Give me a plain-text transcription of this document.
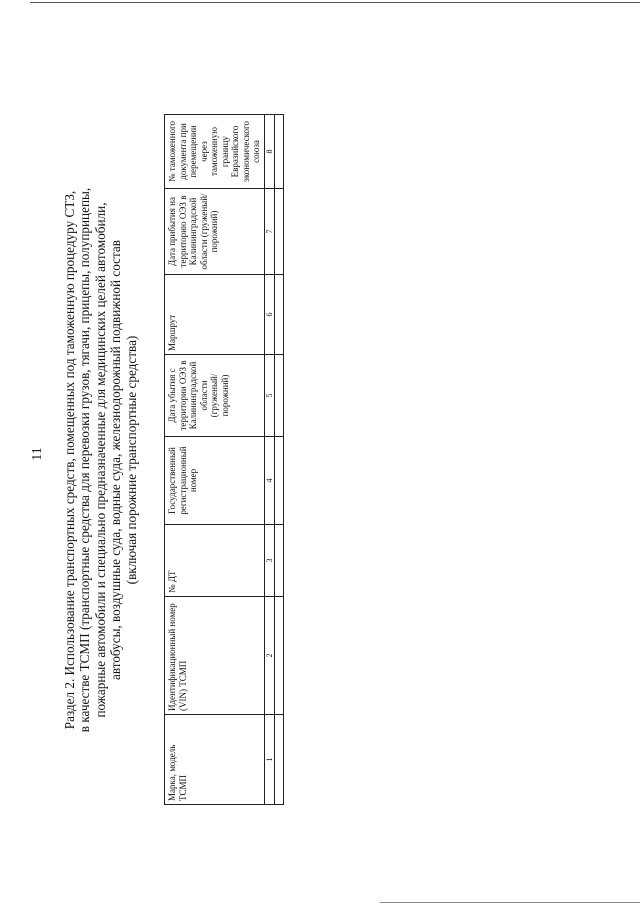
11 Раздел 2. Использование транспортных средств, помещенных под таможенную процедуру СТЗ, в качестве ТСМП (транспортные средства для перевозки грузов, тягачи, прицепы, полуприцепы, пожарные автомобили и специально предназначенные для медицинских целей автомобили, автобусы, воздушные суда, водные суда, железнодорожный подвижной состав (включая порожние транспортные средства)
Марка, модель ТСМП	Идентификационный номер (VIN) ТСМП	№ ДТ	Государственный регистрационный номер	Дата убытия с территории ОЭЗ в Калининградской области (груженый/ порожний)	Маршрут	Дата прибытия на территорию ОЭЗ в Калининградской области (груженый/ порожний)	№ таможенного документа при перемещении через таможенную границу Евразийского экономического союза
1	2	3	4	5	6	7	8
